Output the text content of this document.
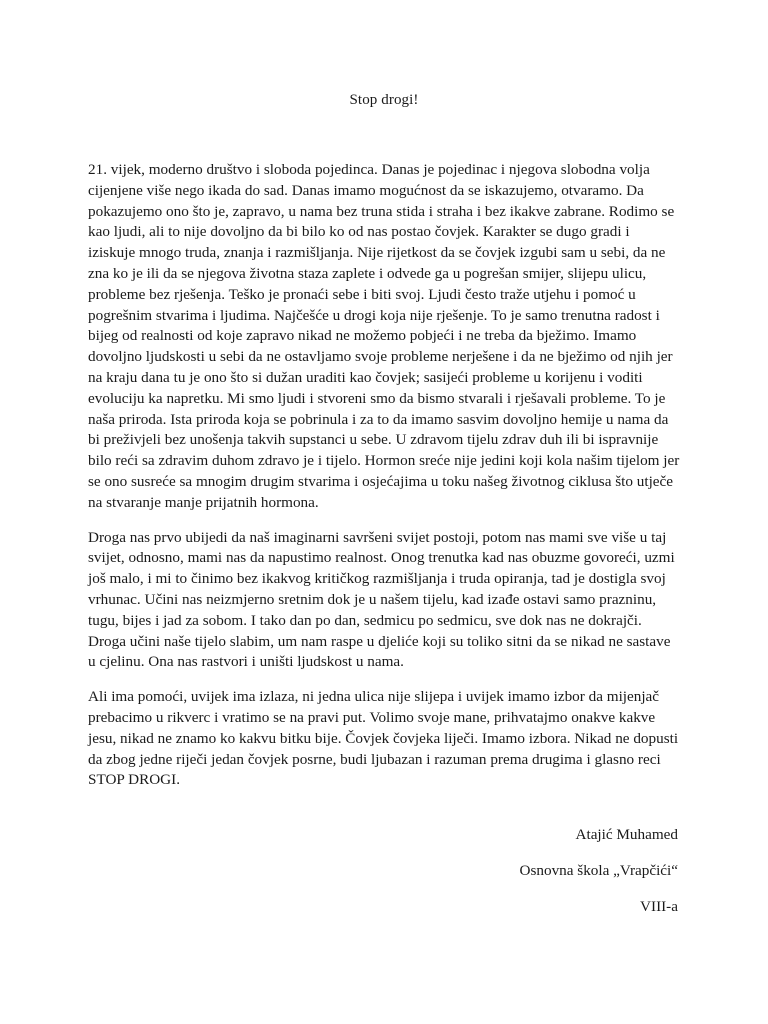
Stop drogi!
21. vijek, moderno društvo i sloboda pojedinca. Danas je pojedinac i njegova slobodna volja
cijenjene više nego ikada do sad. Danas imamo mogućnost da se iskazujemo, otvaramo. Da
pokazujemo ono što je, zapravo, u nama bez truna stida i straha i bez ikakve zabrane. Rodimo se
kao ljudi, ali to nije dovoljno da bi bilo ko od nas postao čovjek. Karakter se dugo gradi i
iziskuje mnogo truda, znanja i razmišljanja. Nije rijetkost da se čovjek izgubi sam u sebi, da ne
zna ko je ili da se njegova životna staza zaplete i odvede ga u pogrešan smijer, slijepu ulicu,
probleme bez rješenja. Teško je pronaći sebe i biti svoj. Ljudi često traže utjehu i pomoć u
pogrešnim stvarima i ljudima. Najčešće u drogi koja nije rješenje. To je samo trenutna radost i
bijeg od realnosti od koje zapravo nikad ne možemo pobjeći i ne treba da bježimo. Imamo
dovoljno ljudskosti u sebi da ne ostavljamo svoje probleme nerješene i da ne bježimo od njih jer
na kraju dana tu je ono što si dužan uraditi kao čovjek; sasijeći probleme u korijenu i voditi
evoluciju ka napretku. Mi smo ljudi i stvoreni smo da bismo stvarali i rješavali probleme. To je
naša priroda. Ista priroda koja se pobrinula i za to da imamo sasvim dovoljno hemije u nama da
bi preživjeli bez unošenja takvih supstanci u sebe. U zdravom tijelu zdrav duh ili bi ispravnije
bilo reći sa zdravim duhom zdravo je i tijelo. Hormon sreće nije jedini koji kola našim tijelom jer
se ono susreće sa mnogim drugim stvarima i osjećajima u toku našeg životnog ciklusa što utječe
na stvaranje manje prijatnih hormona.
Droga nas prvo ubijedi da naš imaginarni savršeni svijet postoji, potom nas mami sve više u taj
svijet, odnosno, mami nas da napustimo realnost. Onog trenutka kad nas obuzme govoreći, uzmi
još malo, i mi to činimo bez ikakvog kritičkog razmišljanja i truda opiranja, tad je dostigla svoj
vrhunac. Učini nas neizmjerno sretnim dok je u našem tijelu, kad izađe ostavi samo prazninu,
tugu, bijes i jad za sobom. I tako dan po dan, sedmicu po sedmicu, sve dok nas ne dokrajči.
Droga učini naše tijelo slabim, um nam raspe u djeliće koji su toliko sitni da se nikad ne sastave
u cjelinu. Ona nas rastvori i uništi ljudskost u nama.
Ali ima pomoći, uvijek ima izlaza, ni jedna ulica nije slijepa i uvijek imamo izbor da mijenjač
prebacimo u rikverc i vratimo se na pravi put. Volimo svoje mane, prihvatajmo onakve kakve
jesu, nikad ne znamo ko kakvu bitku bije. Čovjek čovjeka liječi. Imamo izbora. Nikad ne dopusti
da zbog jedne riječi jedan čovjek posrne, budi ljubazan i razuman prema drugima i glasno reci
STOP DROGI.
Atajić Muhamed
Osnovna škola „Vrapčići“
VIII-a
